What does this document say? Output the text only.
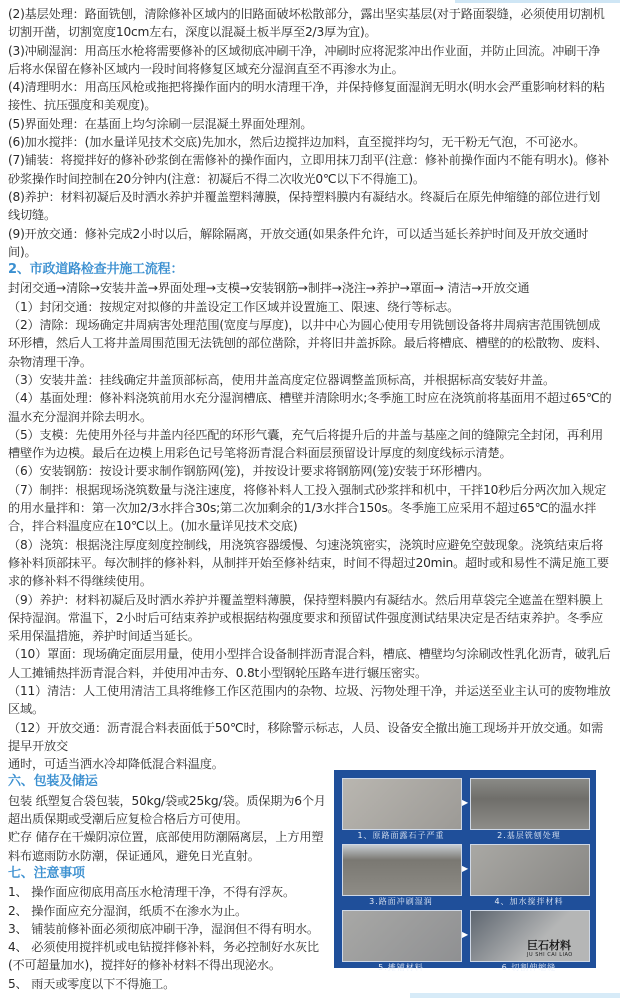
(2)基层处理：路面铣刨，清除修补区域内的旧路面破坏松散部分，露出坚实基层(对于路面裂缝，必须使用切割机切割开凿，切割宽度10cm左右，深度以混凝土板半厚至2/3厚为宜)。

(3)冲刷湿润：用高压水枪将需要修补的区域彻底冲刷干净，冲刷时应将泥浆冲出作业面，并防止回流。冲刷干净后将水保留在修补区域内一段时间将修复区域充分湿润直至不再渗水为止。

(4)清理明水：用高压风枪或拖把将操作面内的明水清理干净，并保持修复面湿润无明水(明水会严重影响材料的粘接性、抗压强度和美观度)。

(5)界面处理：在基面上均匀涂刷一层混凝土界面处理剂。

(6)加水搅拌：(加水量详见技术交底)先加水，然后边搅拌边加料，直至搅拌均匀，无干粉无气泡，不可泌水。

(7)铺装：将搅拌好的修补砂浆倒在需修补的操作面内，立即用抹刀刮平(注意：修补前操作面内不能有明水)。修补砂浆操作时间控制在20分钟内(注意：初凝后不得二次收光0℃以下不得施工)。

(8)养护：材料初凝后及时洒水养护并覆盖塑料薄膜，保持塑料膜内有凝结水。终凝后在原先伸缩缝的部位进行划线切缝。

(9)开放交通：修补完成2小时以后，解除隔离，开放交通(如果条件允许，可以适当延长养护时间及开放交通时间)。

2、市政道路检查井施工流程：

封闭交通→清除→安装井盖→界面处理→支模→安装钢筋→制拌→浇注→养护→罩面→ 清洁→开放交通

（1）封闭交通：按规定对拟修的井盖设定工作区域并设置施工、限速、绕行等标志。

（2）清除：现场确定井周病害处理范围(宽度与厚度)，以井中心为圆心使用专用铣刨设备将井周病害范围铣刨成环形槽，然后人工将井盖周围范围无法铣刨的部位凿除，并将旧井盖拆除。最后将槽底、槽壁的的松散物、废料、杂物清理干净。

（3）安装井盖：挂线确定井盖顶部标高，使用井盖高度定位器调整盖顶标高，并根据标高安装好井盖。

（4）基面处理：修补料浇筑前用水充分湿润槽底、槽壁并清除明水;冬季施工时应在浇筑前将基面用不超过65℃的温水充分湿润并除去明水。

（5）支模：先使用外径与井盖内径匹配的环形气囊，充气后将提升后的井盖与基座之间的缝隙完全封闭，再利用槽壁作为边模。最后在边模上用彩色记号笔将沥青混合料面层预留设计厚度的刻度线标示清楚。

（6）安装钢筋：按设计要求制作钢筋网(笼)，并按设计要求将钢筋网(笼)安装于环形槽内。

（7）制拌：根据现场浇筑数量与浇注速度，将修补料人工投入强制式砂浆拌和机中，干拌10秒后分两次加入规定的用水量拌和：第一次加2/3水拌合30s;第二次加剩余的1/3水拌合150s。冬季施工应采用不超过65℃的温水拌合，拌合料温度应在10℃以上。(加水量详见技术交底)

（8）浇筑：根据浇注厚度刻度控制线，用浇筑容器缓慢、匀速浇筑密实，浇筑时应避免空鼓现象。浇筑结束后将修补料顶部抹平。每次制拌的修补料，从制拌开始至修补结束，时间不得超过20min。超时或和易性不满足施工要求的修补料不得继续使用。

（9）养护：材料初凝后及时洒水养护并覆盖塑料薄膜，保持塑料膜内有凝结水。然后用草袋完全遮盖在塑料膜上保持湿润。常温下，2小时后可结束养护或根据结构强度要求和预留试件强度测试结果决定是否结束养护。冬季应采用保温措施，养护时间适当延长。

（10）罩面：现场确定面层用量，使用小型拌合设备制拌沥青混合料，槽底、槽壁均匀涂刷改性乳化沥青，破乳后人工摊铺热拌沥青混合料，并使用冲击夯、0.8t小型钢轮压路车进行辗压密实。

（11）清洁：人工使用清洁工具将维修工作区范围内的杂物、垃圾、污物处理干净，并运送至业主认可的废物堆放区域。

（12）开放交通：沥青混合料表面低于50℃时，移除警示标志，人员、设备安全撤出施工现场并开放交通。如需提早开放交

1、原路面露石子严重	2.基层铣刨处理
3.路面冲刷湿润	4、加水搅拌材料
5.摊铺材料	6.切割伸缩缝
▶
▶
▶
巨石材料
JU SHI CAI LIAO

通时，可适当洒水冷却降低混合料温度。

六、包装及储运

包装 纸塑复合袋包装，50kg/袋或25kg/袋。质保期为6个月超出质保期或受潮后应复检合格后方可使用。

贮存 储存在干燥阴凉位置，底部使用防潮隔离层，上方用塑料布遮雨防水防潮，保证通风，避免日光直射。

七、注意事项

1、 操作面应彻底用高压水枪清理干净，不得有浮灰。

2、 操作面应充分湿润，纸质不在渗水为止。

3、 铺装前修补面必须彻底冲刷干净，湿润但不得有明水。

4、 必须使用搅拌机或电钻搅拌修补料，务必控制好水灰比(不可超量加水)，搅拌好的修补材料不得出现泌水。

5、 雨天或零度以下不得施工。
